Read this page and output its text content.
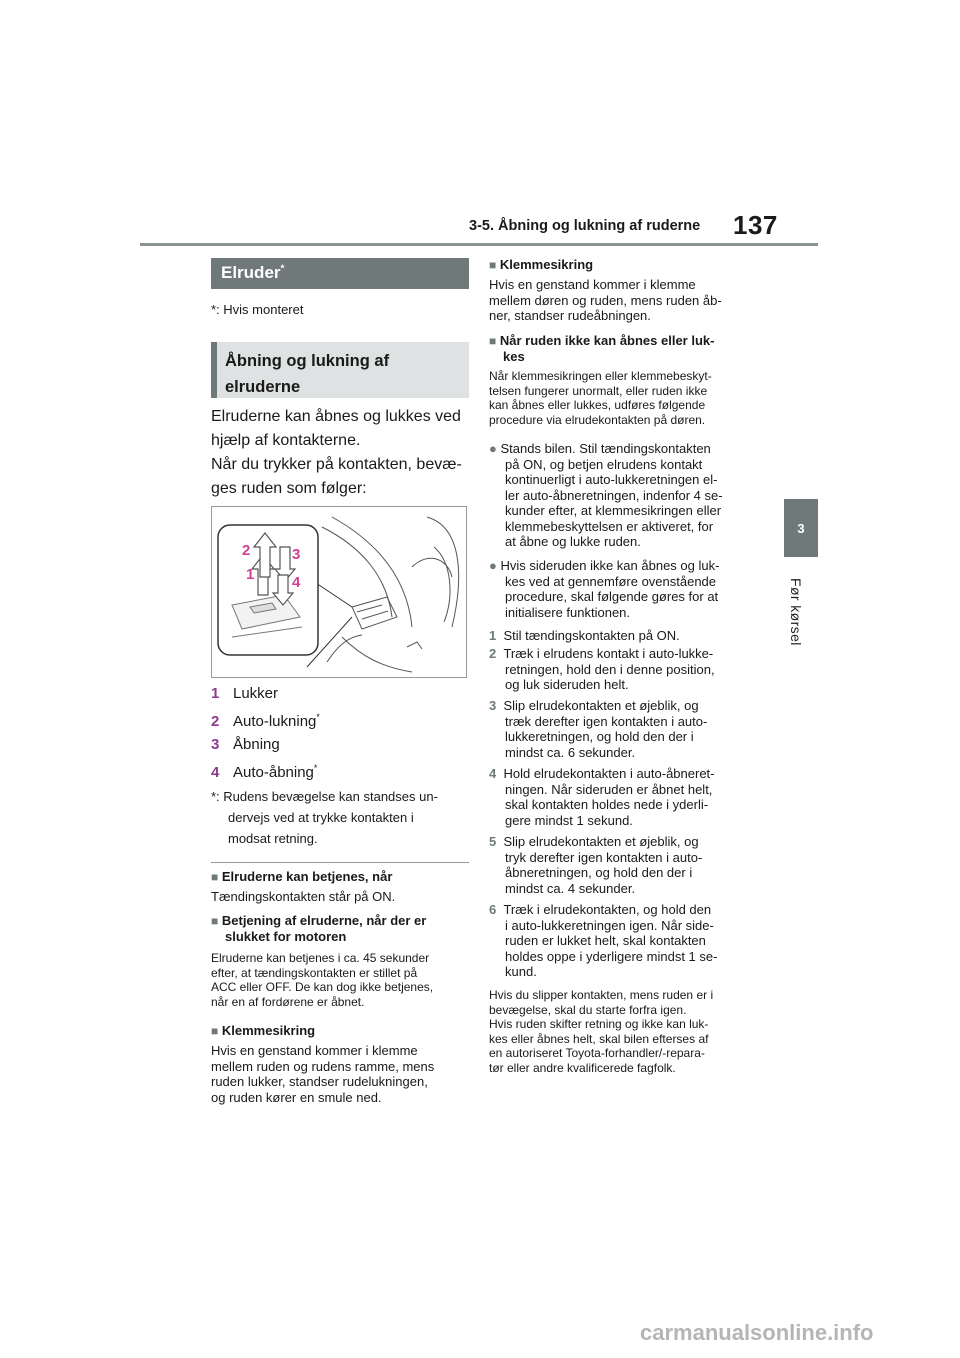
3-5. Åbning og lukning af ruderne 137
3
Før kørsel
Elruder*
*: Hvis monteret
Åbning og lukning af elruderne
Elruderne kan åbnes og lukkes ved
hjælp af kontakterne.
Når du trykker på kontakten, bevæ-
ges ruden som følger:
2	3
1	4
1 Lukker
2 Auto-lukning*
3 Åbning
4 Auto-åbning*
*: Rudens bevægelse kan standses un-
dervejs ved at trykke kontakten i
modsat retning.
■ Elruderne kan betjenes, når
Tændingskontakten står på ON.
■ Betjening af elruderne, når der er
slukket for motoren
Elruderne kan betjenes i ca. 45 sekunder
efter, at tændingskontakten er stillet på
ACC eller OFF. De kan dog ikke betjenes,
når en af fordørene er åbnet.
■ Klemmesikring
Hvis en genstand kommer i klemme
mellem ruden og rudens ramme, mens
ruden lukker, standser rudelukningen,
og ruden kører en smule ned.
■ Klemmesikring
Hvis en genstand kommer i klemme
mellem døren og ruden, mens ruden åb-
ner, standser rudeåbningen.
■ Når ruden ikke kan åbnes eller luk-
kes
Når klemmesikringen eller klemmebeskyt-
telsen fungerer unormalt, eller ruden ikke
kan åbnes eller lukkes, udføres følgende
procedure via elrudekontakten på døren.
● Stands bilen. Stil tændingskontakten
på ON, og betjen elrudens kontakt
kontinuerligt i auto-lukkeretningen el-
ler auto-åbneretningen, indenfor 4 se-
kunder efter, at klemmesikringen eller
klemmebeskyttelsen er aktiveret, for
at åbne og lukke ruden.
● Hvis sideruden ikke kan åbnes og luk-
kes ved at gennemføre ovenstående
procedure, skal følgende gøres for at
initialisere funktionen.
1 Stil tændingskontakten på ON.
2 Træk i elrudens kontakt i auto-lukke-
retningen, hold den i denne position,
og luk sideruden helt.
3 Slip elrudekontakten et øjeblik, og
træk derefter igen kontakten i auto-
lukkeretningen, og hold den der i
mindst ca. 6 sekunder.
4 Hold elrudekontakten i auto-åbneret-
ningen. Når sideruden er åbnet helt,
skal kontakten holdes nede i yderli-
gere mindst 1 sekund.
5 Slip elrudekontakten et øjeblik, og
tryk derefter igen kontakten i auto-
åbneretningen, og hold den der i
mindst ca. 4 sekunder.
6 Træk i elrudekontakten, og hold den
i auto-lukkeretningen igen. Når side-
ruden er lukket helt, skal kontakten
holdes oppe i yderligere mindst 1 se-
kund.
Hvis du slipper kontakten, mens ruden er i
bevægelse, skal du starte forfra igen.
Hvis ruden skifter retning og ikke kan luk-
kes eller åbnes helt, skal bilen efterses af
en autoriseret Toyota-forhandler/-repara-
tør eller andre kvalificerede fagfolk.
carmanualsonline.info
